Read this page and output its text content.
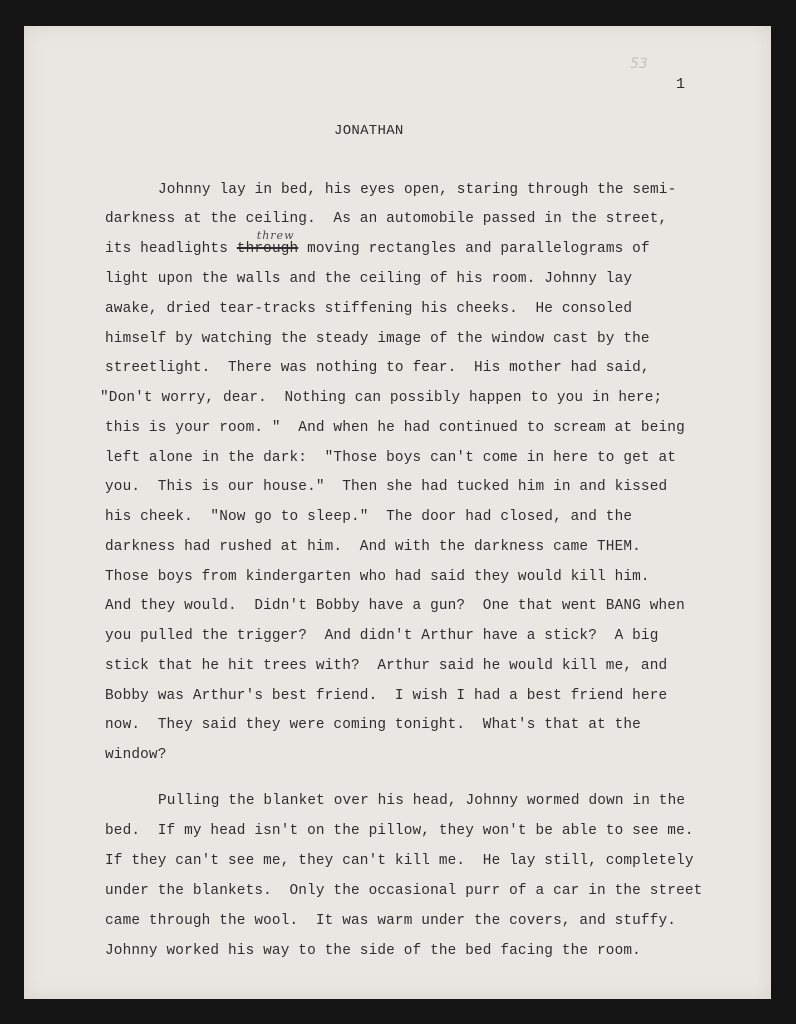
53
1
JONATHAN
Johnny lay in bed, his eyes open, staring through the semi-
darkness at the ceiling.  As an automobile passed in the street,
its headlights
threw
through moving rectangles and parallelograms of
light upon the walls and the ceiling of his room. Johnny lay
awake, dried tear-tracks stiffening his cheeks.  He consoled
himself by watching the steady image of the window cast by the
streetlight.  There was nothing to fear.  His mother had said,
"Don't worry, dear.  Nothing can possibly happen to you in here;
this is your room. "  And when he had continued to scream at being
left alone in the dark:  "Those boys can't come in here to get at
you.  This is our house."  Then she had tucked him in and kissed
his cheek.  "Now go to sleep."  The door had closed, and the
darkness had rushed at him.  And with the darkness came THEM.
Those boys from kindergarten who had said they would kill him.
And they would.  Didn't Bobby have a gun?  One that went BANG when
you pulled the trigger?  And didn't Arthur have a stick?  A big
stick that he hit trees with?  Arthur said he would kill me, and
Bobby was Arthur's best friend.  I wish I had a best friend here
now.  They said they were coming tonight.  What's that at the
window?
Pulling the blanket over his head, Johnny wormed down in the
bed.  If my head isn't on the pillow, they won't be able to see me.
If they can't see me, they can't kill me.  He lay still, completely
under the blankets.  Only the occasional purr of a car in the street
came through the wool.  It was warm under the covers, and stuffy.
Johnny worked his way to the side of the bed facing the room.
